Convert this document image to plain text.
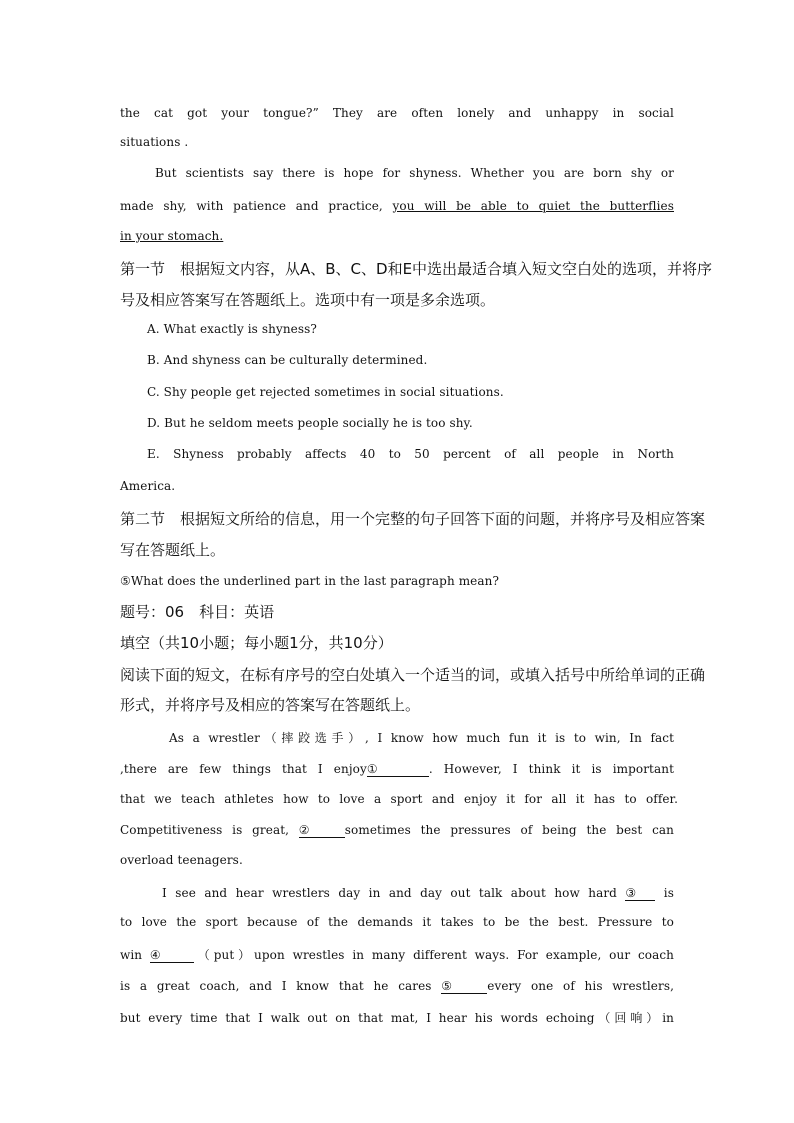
the cat got your tongue?” They are often lonely and unhappy in social
situations .
But scientists say there is hope for shyness. Whether you are born shy or
made shy, with patience and practice, you will be able to quiet the butterflies
in your stomach.
第一节　根据短文内容，从A、B、C、D和E中选出最适合填入短文空白处的选项，并将序
号及相应答案写在答题纸上。选项中有一项是多余选项。
A. What exactly is shyness?
B. And shyness can be culturally determined.
C. Shy people get rejected sometimes in social situations.
D. But he seldom meets people socially he is too shy.
E. Shyness probably affects 40 to 50 percent of all people in North
America.
第二节　根据短文所给的信息，用一个完整的句子回答下面的问题，并将序号及相应答案
写在答题纸上。
⑤What does the underlined part in the last paragraph mean?
题号：06　科目：英语
填空（共10小题；每小题1分，共10分）
阅读下面的短文，在标有序号的空白处填入一个适当的词，或填入括号中所给单词的正确
形式，并将序号及相应的答案写在答题纸上。
As a wrestler（摔跤选手）, I know how much fun it is to win, In fact
,there are few things that I enjoy①	. However, I think it is important
that we teach athletes how to love a sport and enjoy it for all it has to offer.
Competitiveness is great, ②	sometimes the pressures of being the best can
overload teenagers.
I see and hear wrestlers day in and day out talk about how hard ③ is
to love the sport because of the demands it takes to be the best. Pressure to
win ④	（put）upon wrestles in many different ways. For example, our coach
is a great coach, and I know that he cares ⑤	every one of his wrestlers,
but every time that I walk out on that mat, I hear his words echoing（回响）in
